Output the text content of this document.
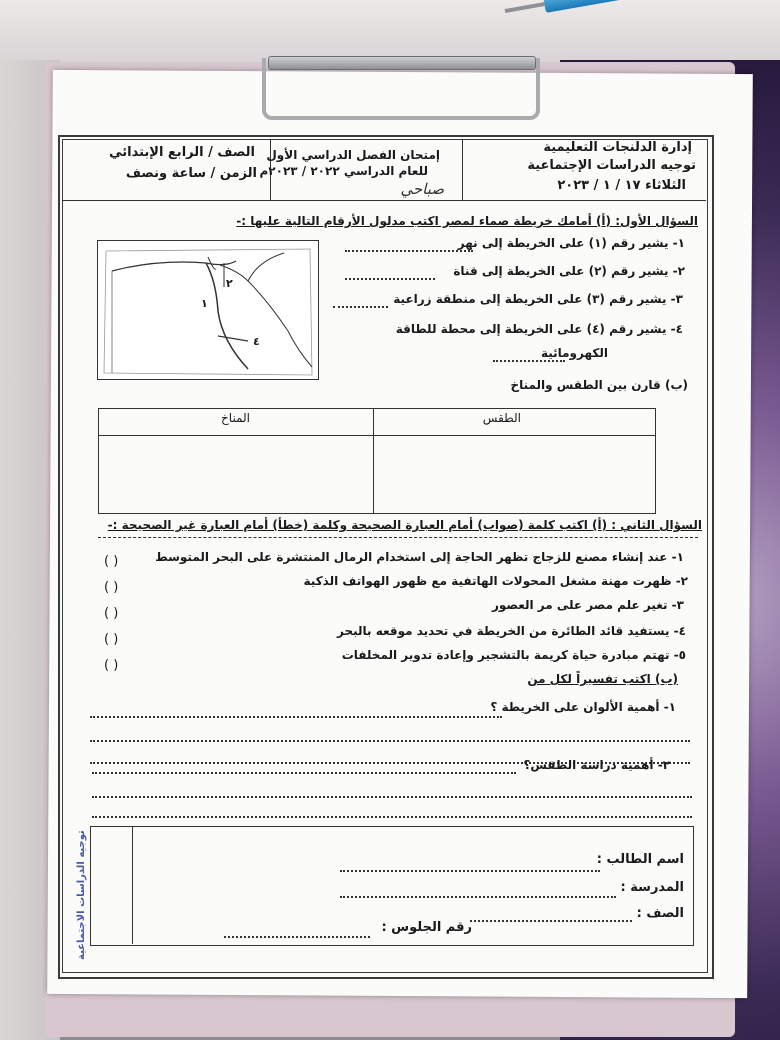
إدارة الدلنجات التعليمية
توجيه الدراسات الإجتماعية
الثلاثاء ١٧ / ١ / ٢٠٢٣
إمتحان الفصل الدراسي الأول
للعام الدراسي ٢٠٢٢ / ٢٠٢٣م
صباحي
الصف / الرابع الإبتدائي
الزمن / ساعة ونصف
السؤال الأول: (أ) أمامك خريطة صماء لمصر اكتب مدلول الأرقام التالية عليها :-
١- يشير رقم (١) على الخريطة إلى نهر
٢- يشير رقم (٢) على الخريطة إلى قناة
٣- يشير رقم (٣) على الخريطة إلى منطقة زراعية
٤- يشير رقم (٤) على الخريطة إلى محطة للطاقة
الكهرومائية
٢
١
٤
(ب) قارن بين الطقس والمناخ
الطقس
المناخ
السؤال الثاني : (أ) اكتب كلمة (صواب) أمام العبارة الصحيحة وكلمة (خطأ) أمام العبارة غير الصحيحة :-
١- عند إنشاء مصنع للزجاج تظهر الحاجة إلى استخدام الرمال المنتشرة على البحر المتوسط
٢- ظهرت مهنة مشغل المحولات الهاتفية مع ظهور الهواتف الذكية
٣- تغير علم مصر على مر العصور
٤- يستفيد قائد الطائرة من الخريطة في تحديد موقعه بالبحر
٥- تهتم مبادرة حياة كريمة بالتشجير وإعادة تدوير المخلفات
( )
( )
( )
( )
( )
(ب) اكتب تفسيراً لكل من
١- أهمية الألوان على الخريطة ؟
٢- أهمية دراسة الطقس؟
اسم الطالب :
المدرسة :
الصف :
رقم الجلوس :
توجيه الدراسات الاجتماعية
